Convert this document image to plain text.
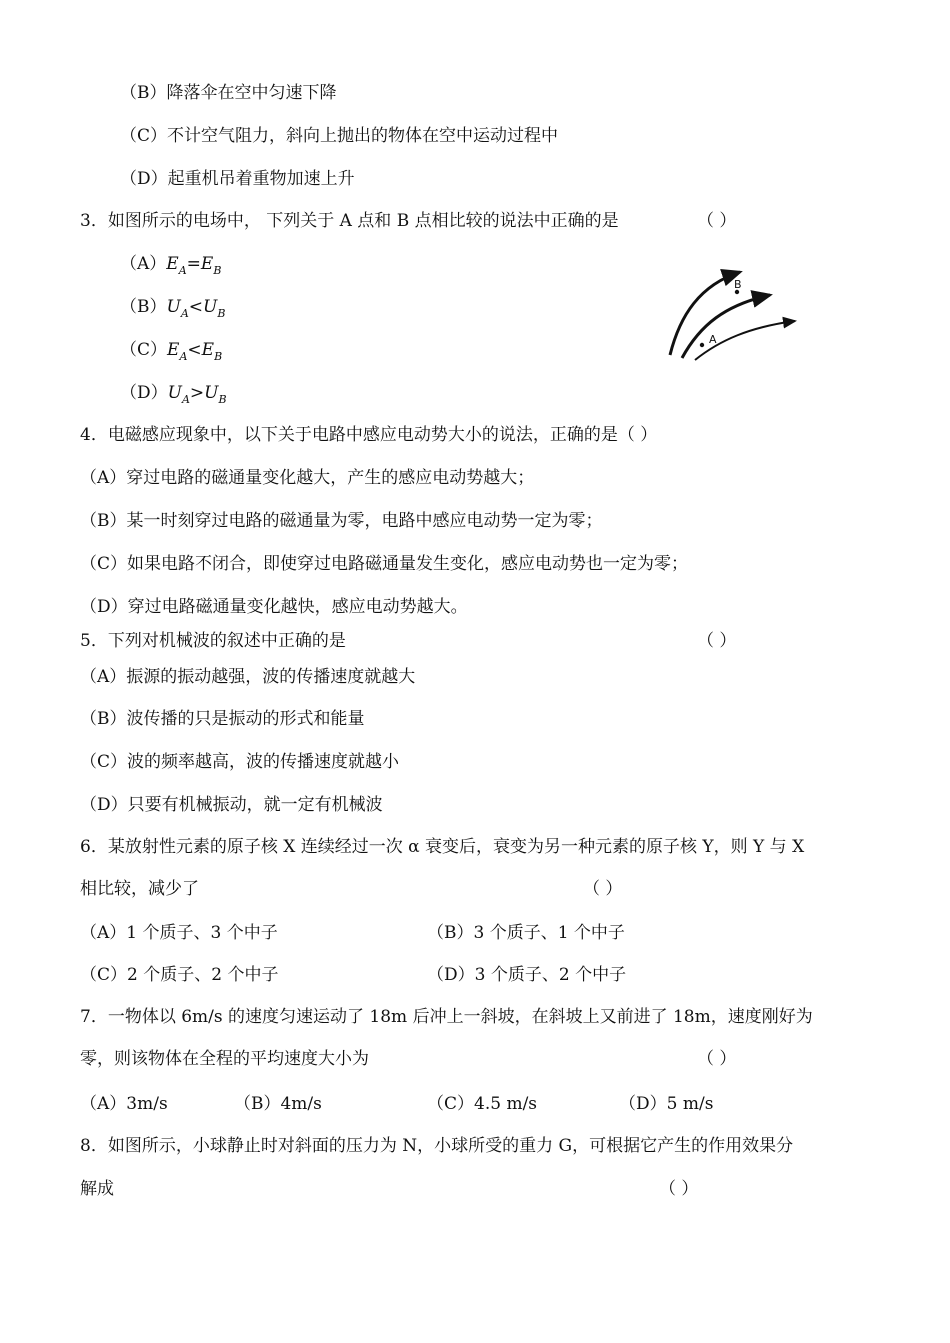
（B）降落伞在空中匀速下降
（C）不计空气阻力，斜向上抛出的物体在空中运动过程中
（D）起重机吊着重物加速上升
3．如图所示的电场中， 下列关于 A 点和 B 点相比较的说法中正确的是	（ ）
$(A)E_A=E_B$
$(B)U_A<U_B$
$(C)E_A<E_B$
$(D)U_A>U_B$
B
A
4．电磁感应现象中，以下关于电路中感应电动势大小的说法，正确的是（ ）
（A）穿过电路的磁通量变化越大，产生的感应电动势越大；
（B）某一时刻穿过电路的磁通量为零，电路中感应电动势一定为零；
（C）如果电路不闭合，即使穿过电路磁通量发生变化，感应电动势也一定为零；
（D）穿过电路磁通量变化越快，感应电动势越大。
5．下列对机械波的叙述中正确的是	（ ）
（A）振源的振动越强，波的传播速度就越大
（B）波传播的只是振动的形式和能量
（C）波的频率越高，波的传播速度就越小
（D）只要有机械振动，就一定有机械波
6．某放射性元素的原子核 X 连续经过一次 α 衰变后，衰变为另一种元素的原子核 Y，则 Y 与 X
相比较，减少了	（ ）
（A）1 个质子、3 个中子	（B）3 个质子、1 个中子
（C）2 个质子、2 个中子	（D）3 个质子、2 个中子
7．一物体以 6m/s 的速度匀速运动了 18m 后冲上一斜坡，在斜坡上又前进了 18m，速度刚好为
零，则该物体在全程的平均速度大小为	（ ）
（A）3m/s	（B）4m/s	（C）4.5 m/s	（D）5 m/s
8．如图所示，小球静止时对斜面的压力为 N，小球所受的重力 G，可根据它产生的作用效果分
解成	（ ）
